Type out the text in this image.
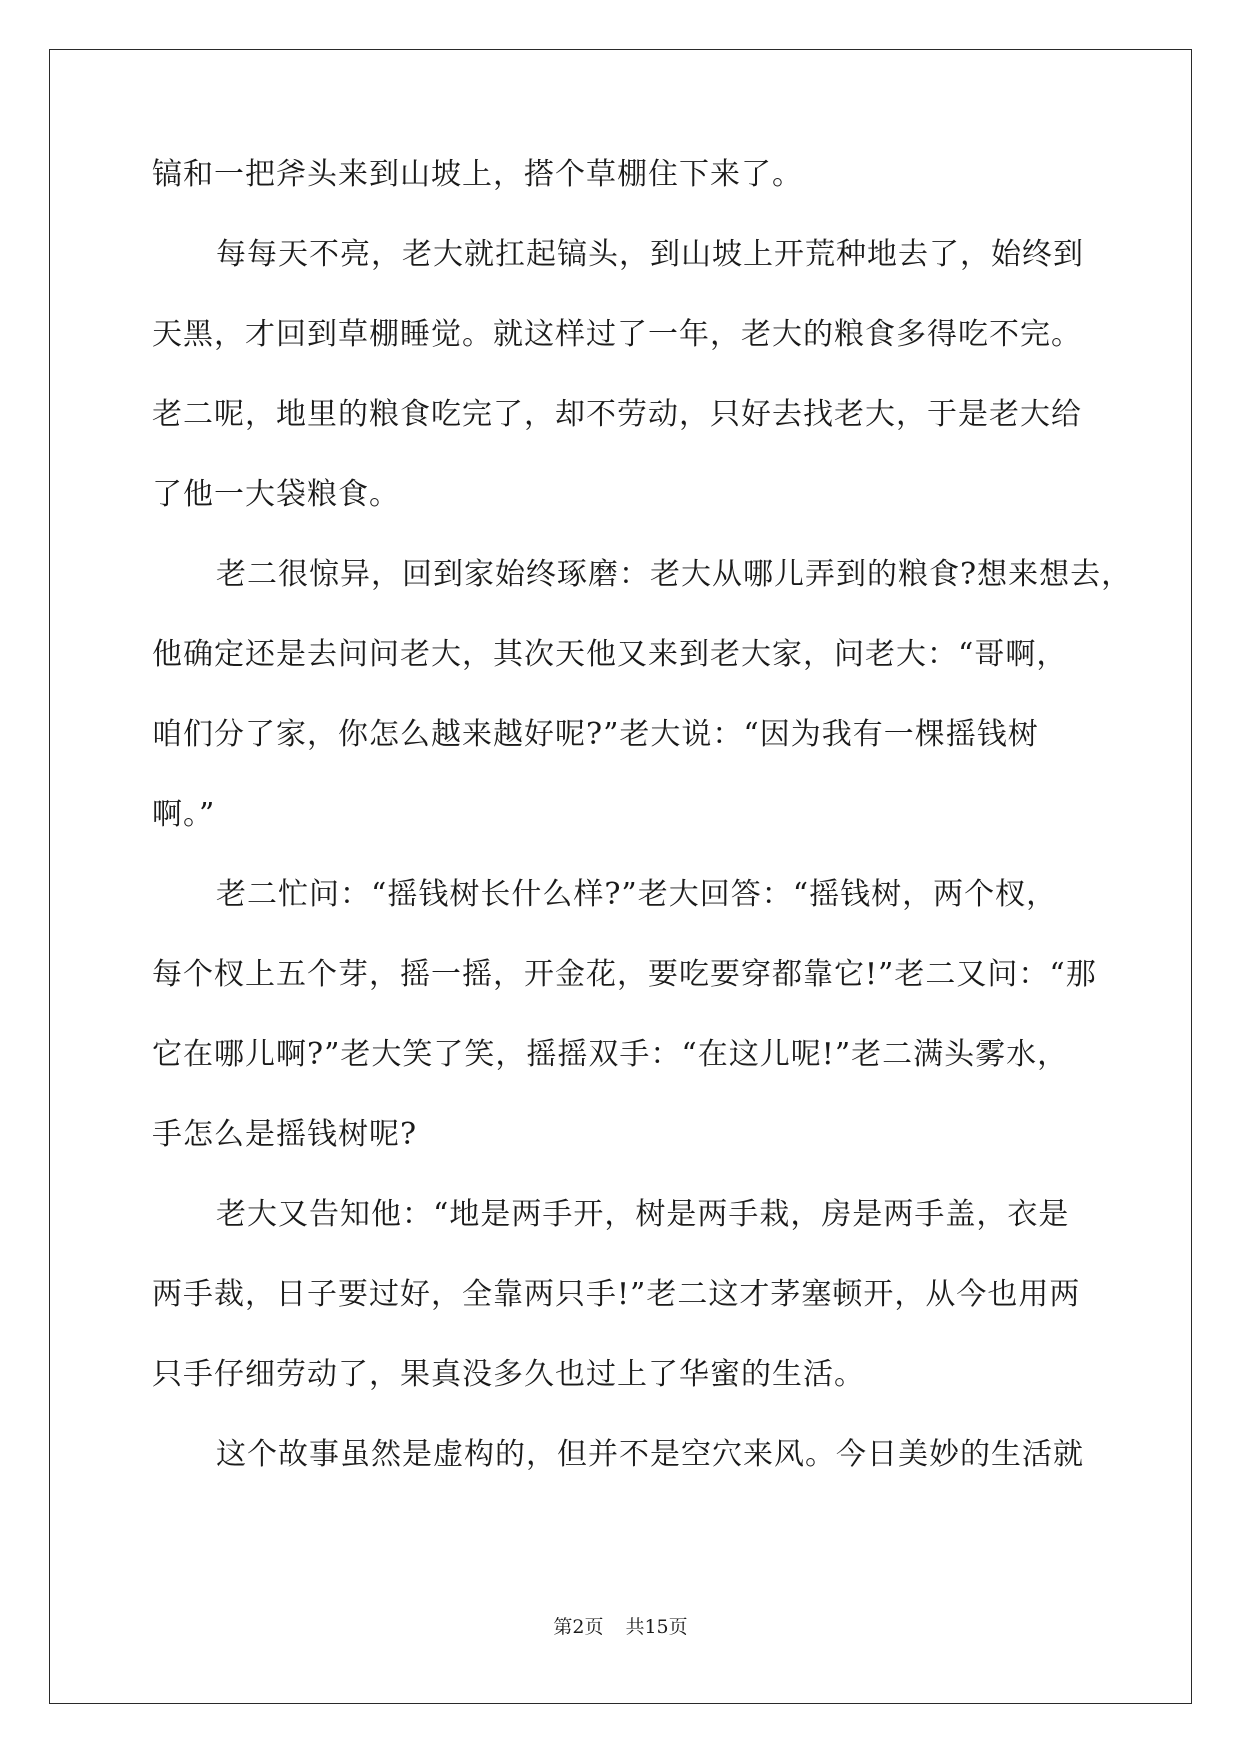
镐和一把斧头来到山坡上，搭个草棚住下来了。
每每天不亮，老大就扛起镐头，到山坡上开荒种地去了，始终到
天黑，才回到草棚睡觉。就这样过了一年，老大的粮食多得吃不完。
老二呢，地里的粮食吃完了，却不劳动，只好去找老大，于是老大给
了他一大袋粮食。
老二很惊异，回到家始终琢磨：老大从哪儿弄到的粮食?想来想去，
他确定还是去问问老大，其次天他又来到老大家，问老大：“哥啊，
咱们分了家，你怎么越来越好呢?”老大说：“因为我有一棵摇钱树
啊。”
老二忙问：“摇钱树长什么样?”老大回答：“摇钱树，两个杈，
每个杈上五个芽，摇一摇，开金花，要吃要穿都靠它!”老二又问：“那
它在哪儿啊?”老大笑了笑，摇摇双手：“在这儿呢!”老二满头雾水，
手怎么是摇钱树呢?
老大又告知他：“地是两手开，树是两手栽，房是两手盖，衣是
两手裁，日子要过好，全靠两只手!”老二这才茅塞顿开，从今也用两
只手仔细劳动了，果真没多久也过上了华蜜的生活。
这个故事虽然是虚构的，但并不是空穴来风。今日美妙的生活就
第2页 共15页
